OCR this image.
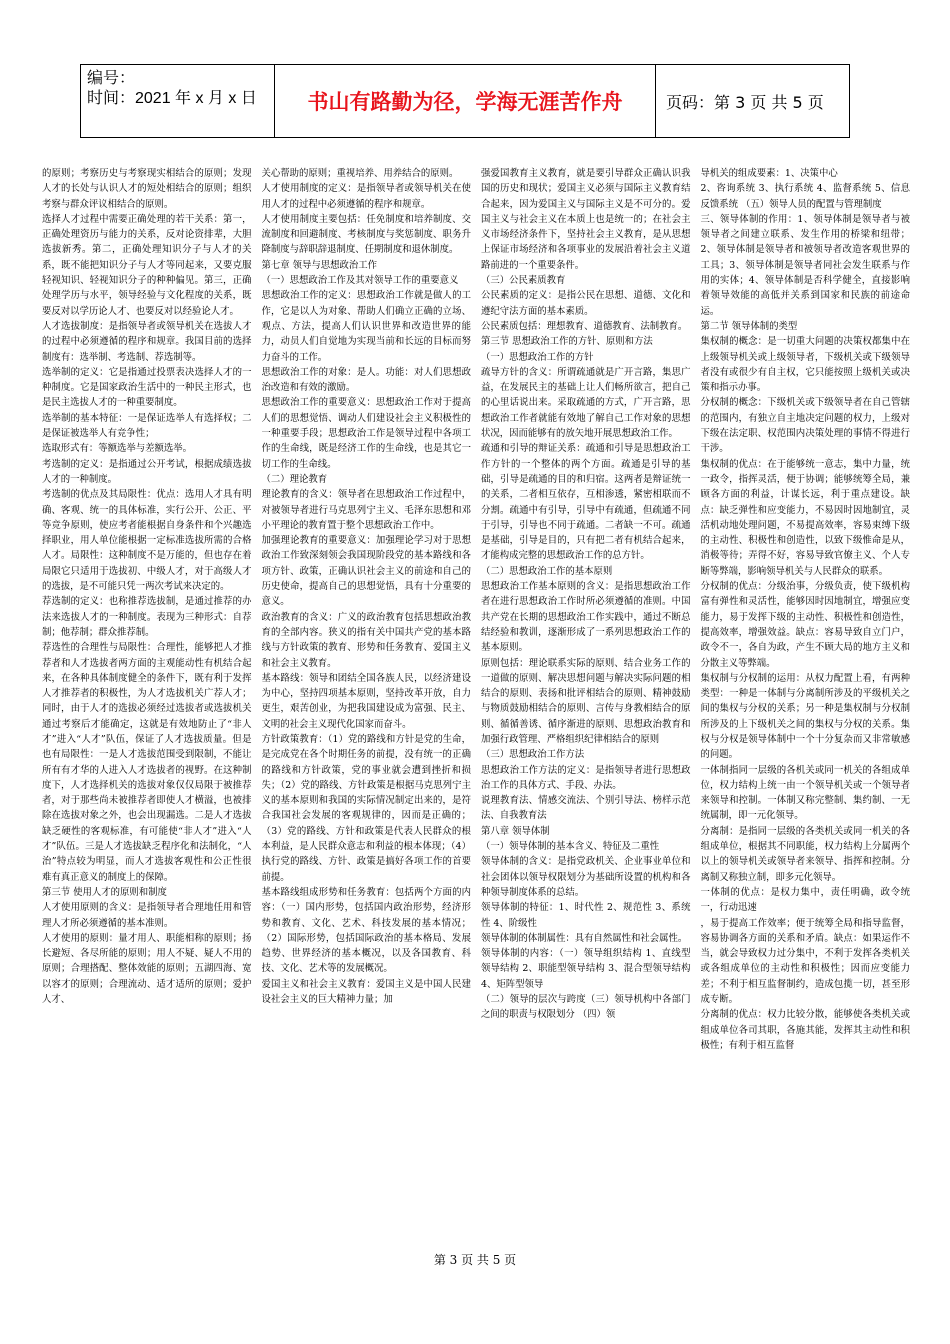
编号：
时间：2021 年 x 月 x 日	书山有路勤为径，学海无涯苦作舟	页码：第 3 页 共 5 页

的原则；考察历史与考察现实相结合的原则；发现人才的长处与认识人才的短处相结合的原则；组织考察与群众评议相结合的原则。

选择人才过程中需要正确处理的若干关系：第一，正确处理资历与能力的关系，反对论资排辈，大胆选拔新秀。第二，正确处理知识分子与人才的关系，既不能把知识分子与人才等同起来，又要克服轻视知识、轻视知识分子的种种偏见。第三，正确处理学历与水平，领导经验与文化程度的关系，既要反对以学历论人才、也要反对以经验论人才。

人才选拔制度：是指领导者或领导机关在选拔人才的过程中必须遵循的程序和规章。我国目前的选择制度有：选举制、考选制、荐选制等。

选举制的定义：它是指通过投票表决选择人才的一种制度。它是国家政治生活中的一种民主形式，也是民主选拔人才的一种重要制度。

选举制的基本特征：一是保证选举人有选择权；二是保证被选举人有竞争性；

选取形式有：等额选举与差额选举。

考选制的定义：是指通过公开考试，根据成绩选拔人才的一种制度。

考选制的优点及其局限性：优点：选用人才具有明确、客观、统一的具体标准，实行公开、公正、平等竞争原则，使应考者能根据自身条件和个兴趣选择职业，用人单位能根据一定标准选拔所需的合格人才。局限性：这种制度不是万能的，但也存在着局限它只适用于选拔初、中级人才，对于高级人才的选拔，是不可能只凭一两次考试来决定的。

荐选制的定义：也称推荐选拔制，是通过推荐的办法来选拔人才的一种制度。表现为三种形式：自荐制；他荐制；群众推荐制。

荐选性的合理性与局限性：合理性，能够把人才推荐者和人才选拔者两方面的主观能动性有机结合起来，在各种具体制度健全的条件下，既有利于发挥人才推荐者的积极性，为人才选拔机关广荐人才；同时，由于人才的选拔必须经过选拔者或选拔机关通过考察后才能确定，这就是有效地防止了“非人才”进入“人才”队伍，保证了人才选拔质量。但是也有局限性：一是人才选拔范围受到限制，不能让所有有才华的人进入人才选拔者的视野。在这种制度下，人才选择机关的选拔对象仅仅局限于被推荐者，对于那些尚未被推荐者即使人才横溢，也被排除在选拔对象之外，也会出现漏选。二是人才选拔缺乏硬性的客观标准，有可能使“非人才”进入“人才”队伍。三是人才选拔缺乏程序化和法制化，“人治”特点较为明显，而人才选拔客观性和公正性很难有真正意义的制度上的保障。

第三节 使用人才的原则和制度

人才使用原则的含义：是指领导者合理地任用和管理人才所必须遵循的基本准则。

人才使用的原则：量才用人、职能相称的原则；扬长避短、各尽所能的原则；用人不疑、疑人不用的原则；合理搭配、整体效能的原则；五湖四海、宽以容才的原则；合理流动、适才适所的原则；爱护人才、

关心帮助的原则；重视培养、用养结合的原则。

人才使用制度的定义：是指领导者或领导机关在使用人才的过程中必须遵循的程序和规章。

人才使用制度主要包括：任免制度和培养制度、交流制度和回避制度、考核制度与奖惩制度、职务升降制度与辞职辞退制度、任期制度和退休制度。

第七章 领导与思想政治工作

（一）思想政治工作及其对领导工作的重要意义

思想政治工作的定义：思想政治工作就是做人的工作，它是以人为对象、帮助人们确立正确的立场、观点、方法，提高人们认识世界和改造世界的能力，动员人们自觉地为实现当前和长远的目标而努力奋斗的工作。

思想政治工作的对象：是人。功能：对人们思想政治改造和有效的激励。

思想政治工作的重要意义：思想政治工作对于提高人们的思想觉悟、调动人们建设社会主义积极性的一种重要手段；思想政治工作是领导过程中各项工作的生命线，既是经济工作的生命线，也是其它一切工作的生命线。

（二）理论教育

理论教育的含义：领导者在思想政治工作过程中，对被领导者进行马克思列宁主义、毛泽东思想和邓小平理论的教育置于整个思想政治工作中。

加强理论教育的重要意义：加强理论学习对于思想政治工作致深刻领会我国现阶段党的基本路线和各项方针、政策，正确认识社会主义的前途和自己的历史使命，提高自己的思想觉悟，具有十分重要的意义。

政治教育的含义：广义的政治教育包括思想政治教育的全部内容。狭义的指有关中国共产党的基本路线与方针政策的教育、形势和任务教育、爱国主义和社会主义教育。

基本路线：领导和团结全国各族人民，以经济建设为中心，坚持四项基本原则，坚持改革开放，自力更生，艰苦创业，为把我国建设成为富强、民主、文明的社会主义现代化国家而奋斗。

方针政策教育：（1）党的路线和方针是党的生命，是完成党在各个时期任务的前提，没有统一的正确的路线和方针政策，党的事业就会遭到挫折和损失；（2）党的路线、方针政策是根据马克思列宁主义的基本原则和我国的实际情况制定出来的，是符合我国社会发展的客观规律的，因而是正确的；（3）党的路线、方针和政策是代表人民群众的根本利益，是人民群众意志和利益的根本体现；（4）执行党的路线、方针、政策是搞好各项工作的首要前提。

基本路线组成形势和任务教育：包括两个方面的内容：（一）国内形势，包括国内政治形势，经济形势和教育、文化、艺术、科技发展的基本情况；（2）国际形势，包括国际政治的基本格局、发展趋势、世界经济的基本概况，以及各国教育、科技、文化、艺术等的发展概况。

爱国主义和社会主义教育：爱国主义是中国人民建设社会主义的巨大精神力量；加

强爱国教育主义教育，就是要引导群众正确认识我国的历史和现状；爱国主义必须与国际主义教育结合起来，因为爱国主义与国际主义是不可分的。爱国主义与社会主义在本质上也是统一的；在社会主义市场经济条件下，坚持社会主义教育，是从思想上保证市场经济和各项事业的发展沿着社会主义道路前进的一个重要条件。

（三）公民素质教育

公民素质的定义：是指公民在思想、道德、文化和遵纪守法方面的基本素质。

公民素质包括：理想教育、道德教育、法制教育。

第三节 思想政治工作的方针、原则和方法

（一）思想政治工作的方针

疏导方针的含义：所谓疏通就是广开言路，集思广益，在发展民主的基础上让人们畅所欲言，把自己的心里话说出来。采取疏通的方式，广开言路，思想政治工作者就能有效地了解自己工作对象的思想状况，因而能够有的放矢地开展思想政治工作。

疏通和引导的辩证关系：疏通和引导是思想政治工作方针的一个整体的两个方面。疏通是引导的基础，引导是疏通的目的和归宿。这两者是辩证统一的关系，二者相互依存，互相渗透，紧密相联而不分割。疏通中有引导，引导中有疏通，但疏通不同于引导，引导也不同于疏通。二者缺一不可。疏通是基础，引导是目的，只有把二者有机结合起来，才能构成完整的思想政治工作的总方针。

（二）思想政治工作的基本原则

思想政治工作基本原则的含义：是指思想政治工作者在进行思想政治工作时所必须遵循的准则。中国共产党在长期的思想政治工作实践中，通过不断总结经验和教训，逐渐形成了一系列思想政治工作的基本原则。

原则包括：理论联系实际的原则、结合业务工作的一道做的原则、解决思想问题与解决实际问题的相结合的原则、表扬和批评相结合的原则、精神鼓励与物质鼓励相结合的原则、言传与身教相结合的原则、循循善诱、循序渐进的原则、思想政治教育和加强行政管理、严格组织纪律相结合的原则

（三）思想政治工作方法

思想政治工作方法的定义：是指领导者进行思想政治工作的具体方式、手段、办法。

说理教育法、情感交流法、个别引导法、榜样示范法、自我教育法

第八章 领导体制

（一）领导体制的基本含义、特征及二重性

领导体制的含义：是指党政机关、企业事业单位和社会团体以领导权限划分为基础所设置的机构和各种领导制度体系的总结。

领导体制的特征：1、时代性 2、规范性 3、系统性 4、阶级性

领导体制的体制属性：具有自然属性和社会属性。

领导体制的内容：（一）领导组织结构 1、直线型领导结构 2、职能型领导结构 3、混合型领导结构 4、矩阵型领导

（二）领导的层次与跨度（三）领导机构中各部门之间的职责与权限划分 （四）领

导机关的组成要素：1、决策中心

2、咨询系统 3、执行系统 4、监督系统 5、信息反馈系统 （五）领导人员的配置与管理制度

三、领导体制的作用：1、领导体制是领导者与被领导者之间建立联系、发生作用的桥梁和纽带；2、领导体制是领导者和被领导者改造客观世界的工具；3、领导体制是领导者同社会发生联系与作用的实体；4、领导体制是否科学健全，直接影响着领导效能的高低并关系到国家和民族的前途命运。

第二节 领导体制的类型

集权制的概念：是一切重大问题的决策权都集中在上级领导机关或上级领导者，下级机关或下级领导者没有或很少有自主权，它只能按照上级机关或决策和指示办事。

分权制的概念：下级机关或下级领导者在自己管辖的范围内，有独立自主地决定问题的权力，上级对下级在法定职、权范围内决策处理的事情不得进行干涉。

集权制的优点：在于能够统一意志，集中力量，统一政令，指挥灵活，便于协调；能够统筹全局，兼顾各方面的利益，计谋长远，利于重点建设。缺点：缺乏弹性和应变能力，不易因时因地制宜，灵活机动地处理问题，不易提高效率，容易束缚下级的主动性、积极性和创造性，以致下级惟命是从，消极等待；弄得不好，容易导致官僚主义、个人专断等弊端，影响领导机关与人民群众的联系。

分权制的优点：分级治事，分级负责，使下级机构富有弹性和灵活性，能够因时因地制宜，增强应变能力，易于发挥下级的主动性、积极性和创造性，提高效率，增强效益。缺点：容易导致自立门户，政令不一，各自为政，产生不顾大局的地方主义和分散主义等弊端。

集权制与分权制的运用：从权力配置上看，有两种类型：一种是一体制与分离制所涉及的平级机关之间的集权与分权的关系；另一种是集权制与分权制所涉及的上下级机关之间的集权与分权的关系。集权与分权是领导体制中一个十分复杂而又非常敏感的问题。

一体制指同一层级的各机关或同一机关的各组成单位，权力结构上统一由一个领导机关或一个领导者来领导和控制。一体制又称完整制、集约制、一无统属制，即一元化领导。

分离制：是指同一层级的各类机关或同一机关的各组成单位，根据其不同职能，权力结构上分属两个以上的领导机关或领导者来领导、指挥和控制。分离制又称独立制，即多元化领导。

一体制的优点：是权力集中，责任明确，政令统一，行动迅速

，易于提高工作效率；便于统筹全局和指导监督，容易协调各方面的关系和矛盾。缺点：如果运作不当，就会导致权力过分集中，不利于发挥各类机关或各组成单位的主动性和积极性；因而应变能力差；不利于相互监督制约，造成包揽一切，甚至形成专断。

分离制的优点：权力比较分散，能够使各类机关或组成单位各司其职，各施其能，发挥其主动性和积极性；有利于相互监督

第 3 页 共 5 页
